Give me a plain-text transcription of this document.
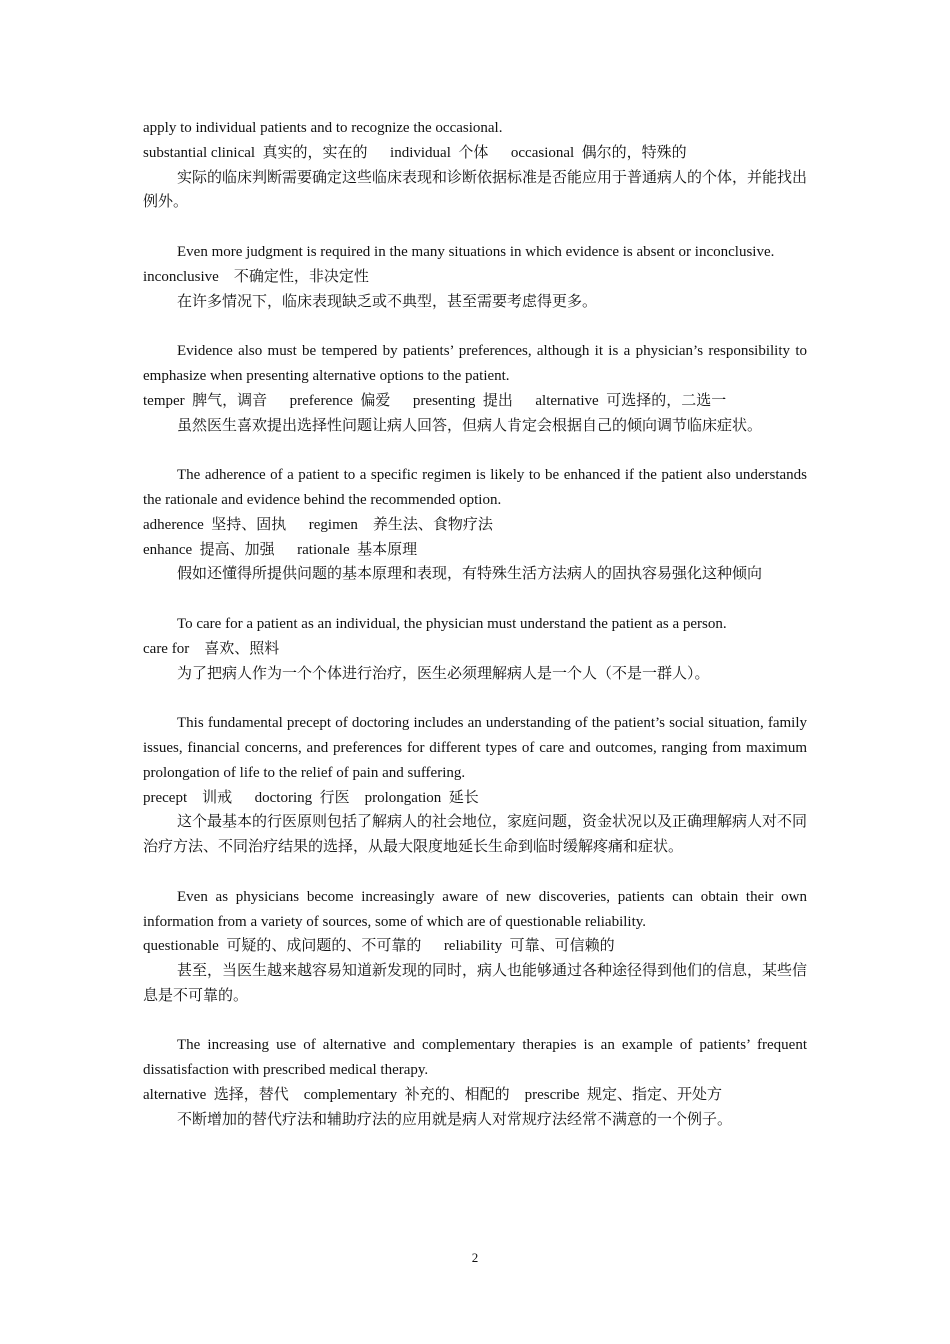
apply to individual patients and to recognize the occasional.
substantial clinical  真实的，实在的      individual  个体      occasional  偶尔的，特殊的
实际的临床判断需要确定这些临床表现和诊断依据标准是否能应用于普通病人的个体，并能找出例外。
Even more judgment is required in the many situations in which evidence is absent or inconclusive.
inconclusive    不确定性，非决定性
在许多情况下，临床表现缺乏或不典型，甚至需要考虑得更多。
Evidence also must be tempered by patients’ preferences, although it is a physician’s responsibility to emphasize when presenting alternative options to the patient.
temper  脾气，调音      preference  偏爱      presenting  提出      alternative  可选择的，二选一
虽然医生喜欢提出选择性问题让病人回答，但病人肯定会根据自己的倾向调节临床症状。
The adherence of a patient to a specific regimen is likely to be enhanced if the patient also understands the rationale and evidence behind the recommended option.
adherence  坚持、固执      regimen    养生法、食物疗法
enhance  提高、加强      rationale  基本原理
假如还懂得所提供问题的基本原理和表现，有特殊生活方法病人的固执容易强化这种倾向
To care for a patient as an individual, the physician must understand the patient as a person.
care for    喜欢、照料
为了把病人作为一个个体进行治疗，医生必须理解病人是一个人（不是一群人）。
This fundamental precept of doctoring includes an understanding of the patient’s social situation, family issues, financial concerns, and preferences for different types of care and outcomes, ranging from maximum prolongation of life to the relief of pain and suffering.
precept    训戒      doctoring  行医    prolongation  延长
这个最基本的行医原则包括了解病人的社会地位，家庭问题，资金状况以及正确理解病人对不同治疗方法、不同治疗结果的选择，从最大限度地延长生命到临时缓解疼痛和症状。
Even as physicians become increasingly aware of new discoveries, patients can obtain their own information from a variety of sources, some of which are of questionable reliability.
questionable  可疑的、成问题的、不可靠的      reliability  可靠、可信赖的
甚至，当医生越来越容易知道新发现的同时，病人也能够通过各种途径得到他们的信息，某些信息是不可靠的。
The increasing use of alternative and complementary therapies is an example of patients’ frequent dissatisfaction with prescribed medical therapy.
alternative  选择，替代    complementary  补充的、相配的    prescribe  规定、指定、开处方
不断增加的替代疗法和辅助疗法的应用就是病人对常规疗法经常不满意的一个例子。
2
